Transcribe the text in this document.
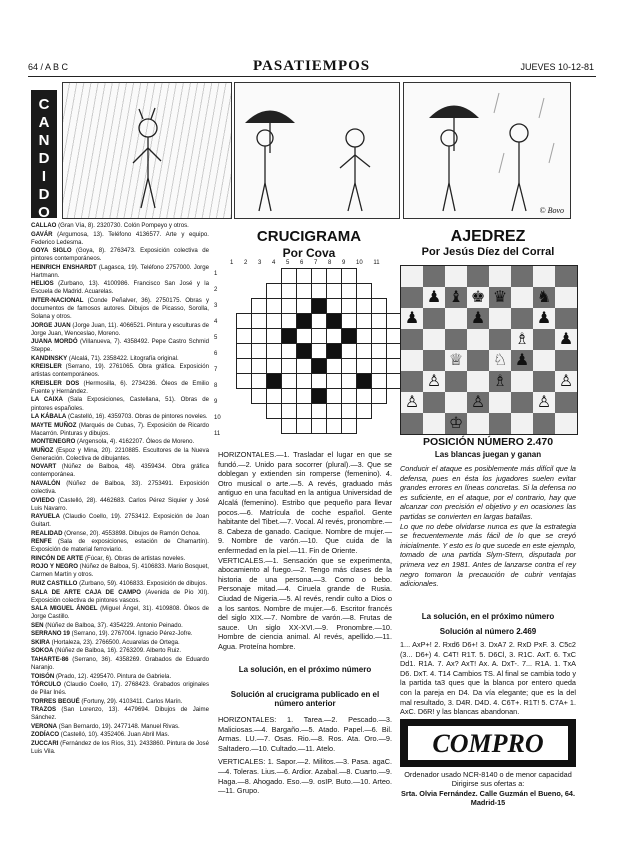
64 / A B C	PASATIEMPOS	JUEVES 10-12-81
C
A
N
D
I
D
O	© Bovo

CALLAO (Gran Vía, 8). 2320730. Colón Pompeyo y otros.

GAVÁR (Argumosa, 13). Teléfono 4136577. Arte y equipo. Federico Ledesma.

GOYA SIGLO (Goya, 8). 2763473. Exposición colectiva de pintores contemporáneos.

HEINRICH ENSHARDT (Lagasca, 19). Teléfono 2757000. Jorge Hartmann.

HELIOS (Zurbano, 13). 4100986. Francisco San José y la Escuela de Madrid. Acuarelas.

INTER-NACIONAL (Conde Peñalver, 36). 2750175. Obras y documentos de famosos autores. Dibujos de Picasso, Sorolla, Solana y otros.

JORGE JUAN (Jorge Juan, 11). 4066521. Pintura y esculturas de Jorge Juan, Wenceslao, Moreno.

JUANA MORDÓ (Villanueva, 7). 4358492. Pepe Castro Schmid Steppe.

KANDINSKY (Alcalá, 71). 2358422. Litografía original.

KREISLER (Serrano, 19). 2761065. Obra gráfica. Exposición artistas contemporáneos.

KREISLER DOS (Hermosilla, 6). 2734236. Óleos de Emilio Fuente y Hernández.

LA CAIXA (Sala Exposiciones, Castellana, 51). Obras de pintores españoles.

LA KÁBALA (Castelló, 16). 4359703. Obras de pintores noveles.

MAYTE MUÑOZ (Marqués de Cubas, 7). Exposición de Ricardo Macarrón. Pinturas y dibujos.

MONTENEGRO (Argensola, 4). 4162207. Óleos de Moreno.

MUÑOZ (Espoz y Mina, 20). 2210885. Escultores de la Nueva Generación. Colectiva de dibujantes.

NOVART (Núñez de Balboa, 48). 4359434. Obra gráfica contemporánea.

NAVALÓN (Núñez de Balboa, 33). 2753491. Exposición colectiva.

OVIEDO (Castelló, 28). 4462683. Carlos Pérez Siquier y José Luis Navarro.

RAYUELA (Claudio Coello, 19). 2753412. Exposición de Joan Guitart.

REALIDAD (Orense, 20). 4553898. Dibujos de Ramón Ochoa.

RENFE (Sala de exposiciones, estación de Chamartín). Exposición de material ferroviario.

RINCÓN DE ARTE (Fúcar, 6). Obras de artistas noveles.

ROJO Y NEGRO (Núñez de Balboa, 5). 4106833. Mario Bosquet, Carmen Martín y otros.

RUIZ CASTILLO (Zurbano, 59). 4106833. Exposición de dibujos.

SALA DE ARTE CAJA DE CAMPO (Avenida de Pío XII). Exposición colectiva de pintores vascos.

SALA MIGUEL ÁNGEL (Miguel Ángel, 31). 4109808. Óleos de Jorge Castillo.

SEN (Núñez de Balboa, 37). 4354229. Antonio Peinado.

SERRANO 19 (Serrano, 19). 2767004. Ignacio Pérez-Jofre.

SKIRA (Hortaleza, 23). 2766500. Acuarelas de Ortega.

SOKOA (Núñez de Balboa, 16). 2763209. Alberto Ruiz.

TAHARTE-86 (Serrano, 36). 4358269. Grabados de Eduardo Naranjo.

TOISÓN (Prado, 12). 4295470. Pintura de Gabriela.

TÓRCULO (Claudio Coello, 17). 2768423. Grabados originales de Pilar Inés.

TORRES BEGUÉ (Fortuny, 29). 4103411. Carlos Marín.

TRAZOS (San Lorenzo, 13). 4479694. Dibujos de Jaime Sánchez.

VERONA (San Bernardo, 19). 2477148. Manuel Rivas.

ZODÍACO (Castelló, 10). 4352406. Juan Abril Mas.

ZUCCARI (Fernández de los Ríos, 31). 2433860. Pintura de José Luis Vila.

CRUCIGRAMA
Por Cova
1 2 3 4 5 6 7 8 9 10 11
1
2
3
4
5
6
7
8
9
10
11

HORIZONTALES.—1. Trasladar el lugar en que se fundó.—2. Unido para socorrer (plural).—3. Que se doblegan y extienden sin romperse (femenino). 4. Otro musical o arte.—5. A revés, graduado más antiguo en una facultad en la antigua Universidad de Alcalá (femenino). Estribo que pequeño para llevar pocos.—6. Matrícula de coche español. Gente habitante del Tibet.—7. Vocal. Al revés, pronombre.—8. Cabeza de ganado. Cacique. Nombre de mujer.—9. Nombre de varón.—10. Que cuida de la enfermedad en la piel.—11. Fin de Oriente.

VERTICALES.—1. Sensación que se experimenta, abocamiento al fuego.—2. Tengo más clases de la historia de una persona.—3. Como o bebo. Personaje mitad.—4. Ciruela grande de Rusia. Ciudad de Nigeria.—5. Al revés, rendir culto a Dios o a los santos. Nombre de mujer.—6. Escritor francés del siglo XIX.—7. Nombre de varón.—8. Frutas de sauce. Un siglo XX-XVI.—9. Pronombre.—10. Hombre de ciencia animal. Al revés, apellido.—11. Agua. Proteína hombre.

La solución, en el próximo número
Solución al crucigrama publicado en el número anterior

HORIZONTALES: 1. Tarea.—2. Pescado.—3. Maliciosas.—4. Bargaño.—5. Atado. Papel.—6. Bil. Armas. LU.—7. Osas. Rio.—8. Ros. Ata. Oro.—9. Saltadero.—10. Cultado.—11. Atelo.

VERTICALES: 1. Sapor.—2. Militos.—3. Pasa. agaC.—4. Toleras. Lius.—6. Ardior. Azabal.—8. Cuarto.—9. Haga.—8. Ahogado. Eso.—9. osIP. Buto.—10. Arteo.—11. Grupo.

AJEDREZ
Por Jesús Díez del Corral
♟ ♝ ♚ ♛ ♞
♟	♟	♟
♗ ♟
♕ ♘ ♟
♙	♗	♙
♙	♙	♙
♔
POSICIÓN NÚMERO 2.470
Las blancas juegan y ganan

Conducir el ataque es posiblemente más difícil que la defensa, pues en ésta los jugadores suelen evitar grandes errores en líneas concretas. Si la defensa no es suficiente, en el ataque, por el contrario, hay que alcanzar con precisión el objetivo y en ocasiones las partidas se convierten en largas batallas.

Lo que no debe olvidarse nunca es que la estrategia se frecuentemente más fácil de lo que se creyó inicialmente. Y esto es lo que sucede en este ejemplo, tomado de una partida Slym-Stern, disputada por primera vez en 1981. Antes de lanzarse contra el rey negro tomaron la precaución de cubrir ventajas adicionales.

La solución, en el próximo número
Solución al número 2.469
1... AxP+! 2. Rxd6 D6+! 3. DxA7 2. RxD PxF. 3. C5c2 (3... D6+) 4. C4T! R1T. 5. D6Cl, 3. R1C. AxT. 6. TxC Dd1. R1A. 7. Ax? AxT! Ax. A. DxT-. 7... R1A. 1. TxA D6. DxT. 4. T14 Cambios TS. Al final se cambia todo y la partida ta3 ques que la blanca por entero queda con la pareja en D4. Da vía elegante; que es la del mal resultado, 3. D4R. D4D. 4. C6T+. R1T! 5. C7A+ 1. AxC. D6R! y las blancas abandonan.
COMPRO
Ordenador usado NCR-8140 o de menor capacidad
Dirigirse sus ofertas a:
Srta. Olvia Fernández. Calle Guzmán el Bueno, 64. Madrid-15
